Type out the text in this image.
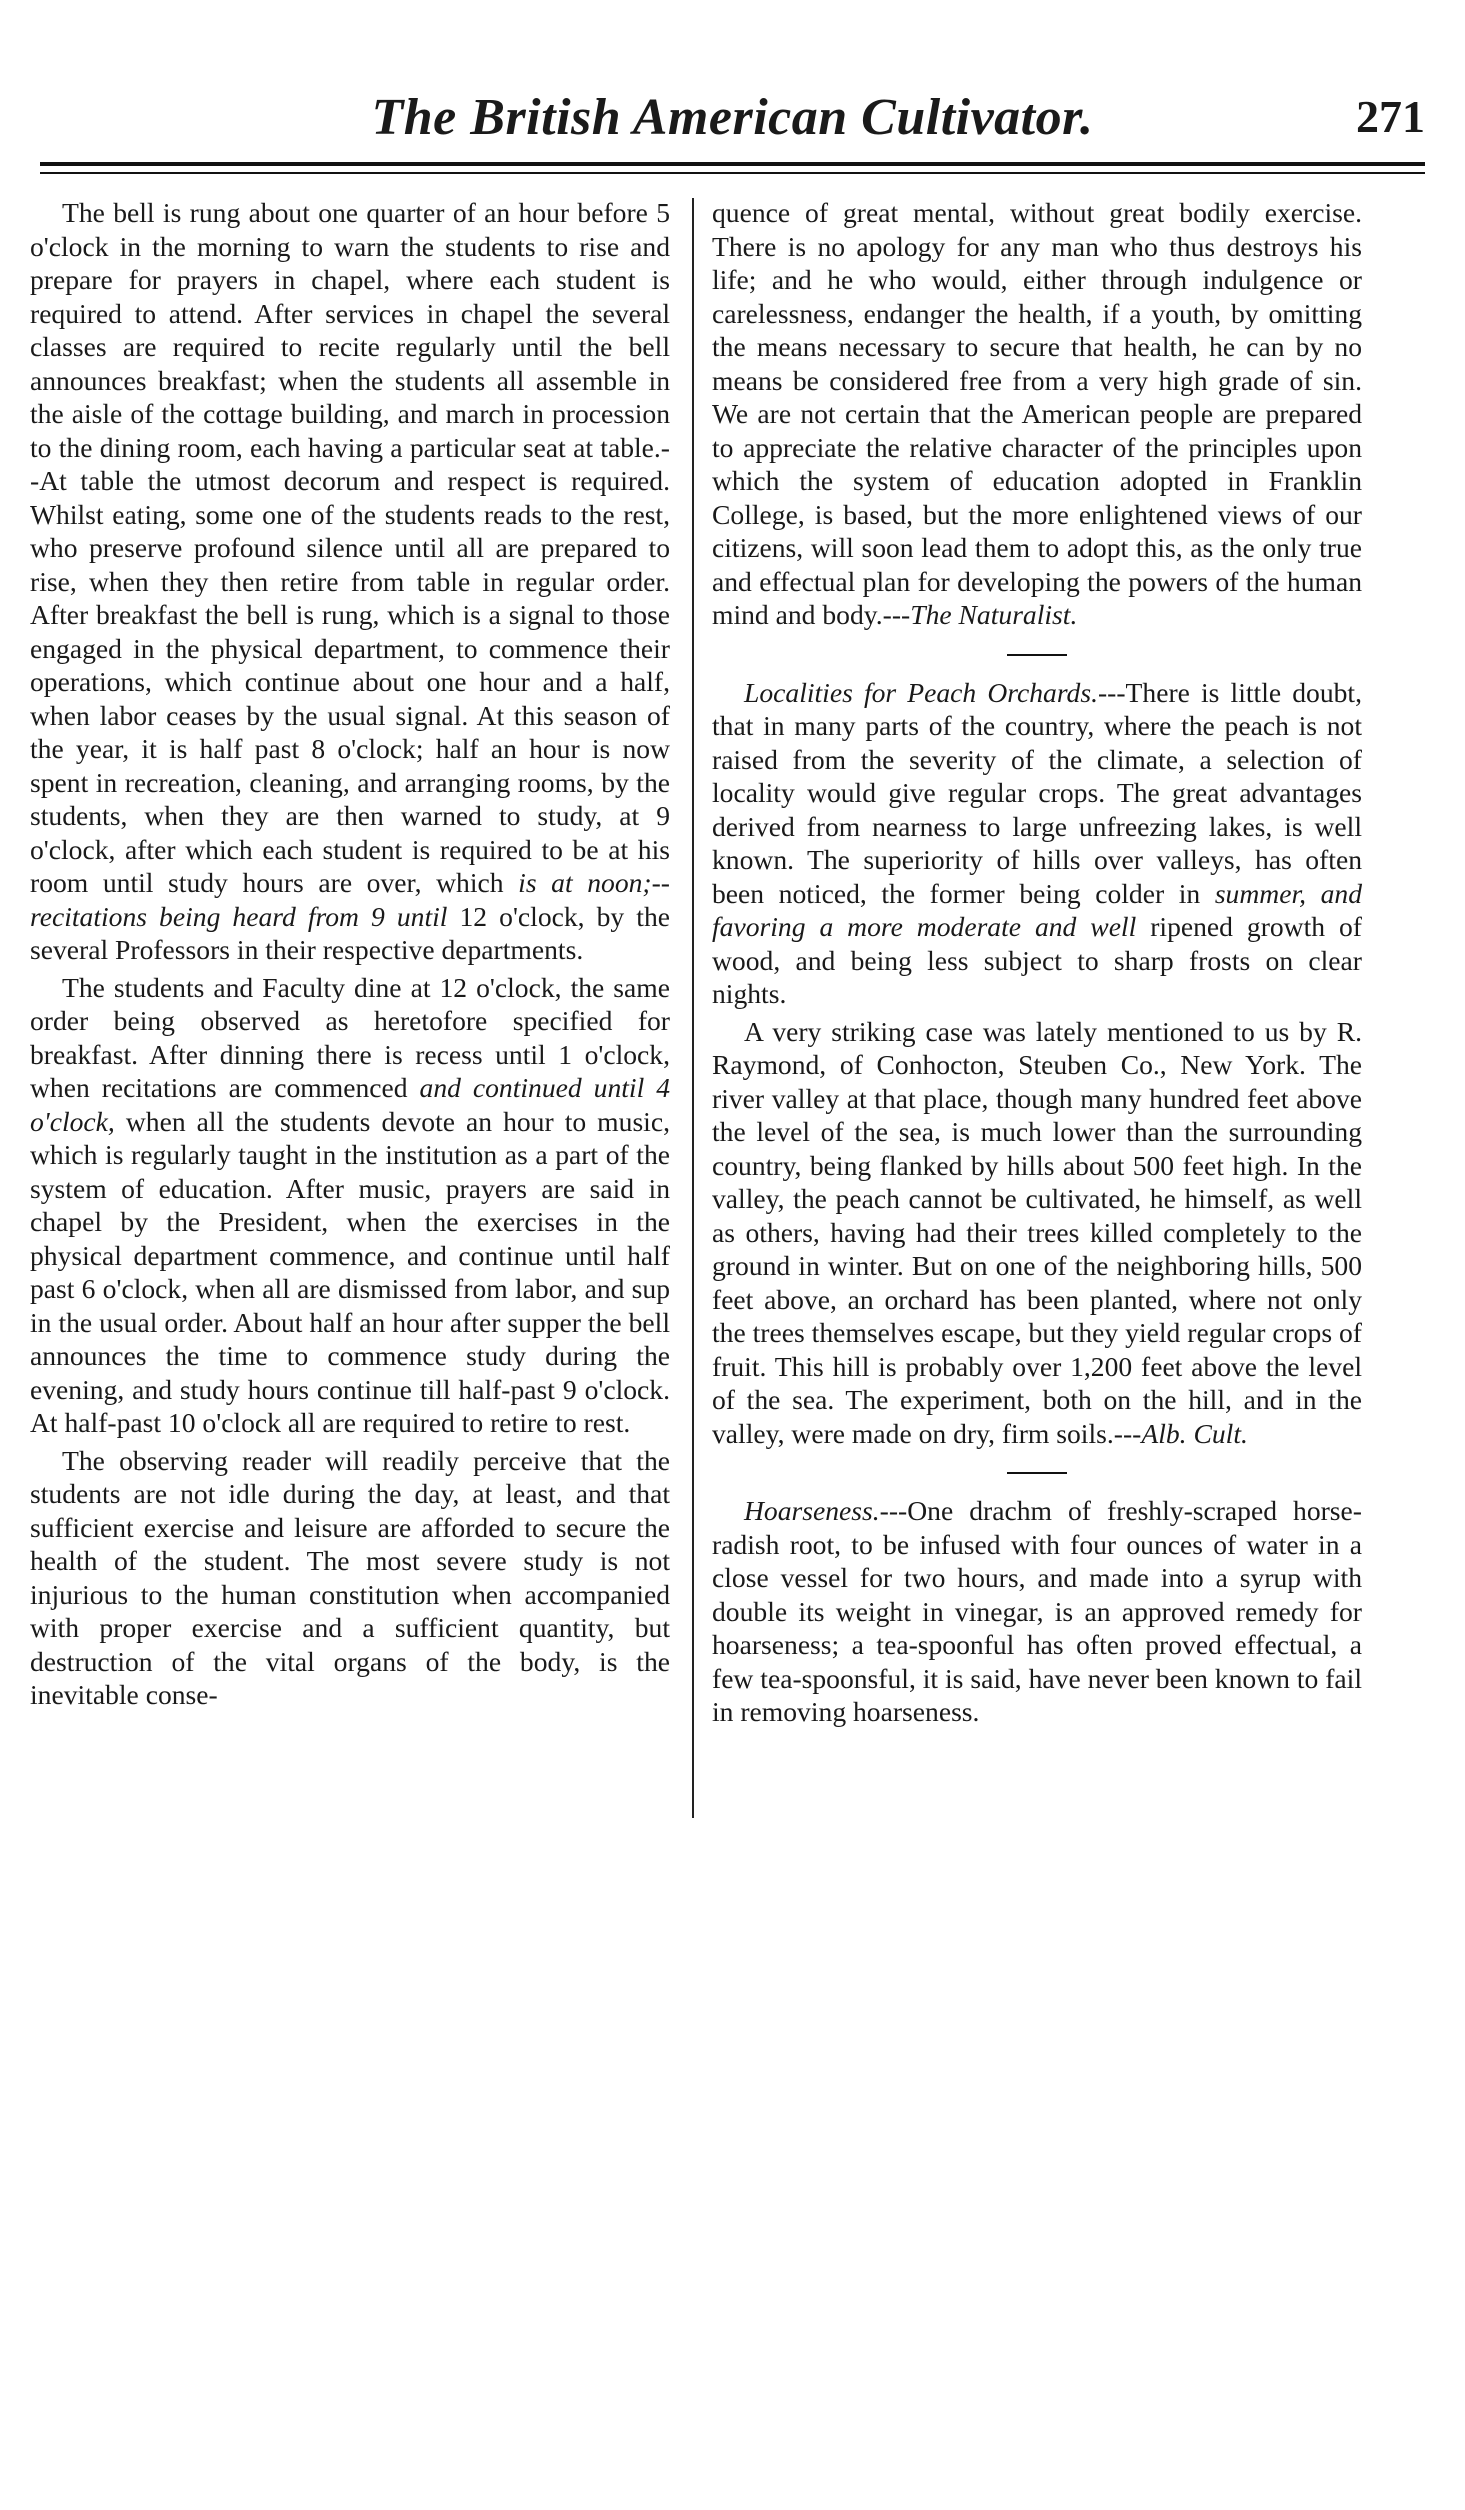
The British American Cultivator.	271

The bell is rung about one quarter of an hour before 5 o'clock in the morning to warn the students to rise and prepare for prayers in chapel, where each student is required to attend. After services in chapel the several classes are required to recite regularly until the bell announces breakfast; when the students all assemble in the aisle of the cottage building, and march in procession to the dining room, each having a particular seat at table.--At table the utmost decorum and respect is required. Whilst eating, some one of the students reads to the rest, who preserve profound silence until all are prepared to rise, when they then retire from table in regular order. After breakfast the bell is rung, which is a signal to those engaged in the physical department, to commence their operations, which continue about one hour and a half, when labor ceases by the usual signal. At this season of the year, it is half past 8 o'clock; half an hour is now spent in recreation, cleaning, and arranging rooms, by the students, when they are then warned to study, at 9 o'clock, after which each student is required to be at his room until study hours are over, which is at noon;--recitations being heard from 9 until 12 o'clock, by the several Professors in their respective departments.

The students and Faculty dine at 12 o'clock, the same order being observed as heretofore specified for breakfast. After dinning there is recess until 1 o'clock, when recitations are commenced and continued until 4 o'clock, when all the students devote an hour to music, which is regularly taught in the institution as a part of the system of education. After music, prayers are said in chapel by the President, when the exercises in the physical department commence, and continue until half past 6 o'clock, when all are dismissed from labor, and sup in the usual order. About half an hour after supper the bell announces the time to commence study during the evening, and study hours continue till half-past 9 o'clock. At half-past 10 o'clock all are required to retire to rest.

The observing reader will readily perceive that the students are not idle during the day, at least, and that sufficient exercise and leisure are afforded to secure the health of the student. The most severe study is not injurious to the human constitution when accompanied with proper exercise and a sufficient quantity, but destruction of the vital organs of the body, is the inevitable conse-

quence of great mental, without great bodily exercise. There is no apology for any man who thus destroys his life; and he who would, either through indulgence or carelessness, endanger the health, if a youth, by omitting the means necessary to secure that health, he can by no means be considered free from a very high grade of sin. We are not certain that the American people are prepared to appreciate the relative character of the principles upon which the system of education adopted in Franklin College, is based, but the more enlightened views of our citizens, will soon lead them to adopt this, as the only true and effectual plan for developing the powers of the human mind and body.---The Naturalist.

Localities for Peach Orchards.---There is little doubt, that in many parts of the country, where the peach is not raised from the severity of the climate, a selection of locality would give regular crops. The great advantages derived from nearness to large unfreezing lakes, is well known. The superiority of hills over valleys, has often been noticed, the former being colder in summer, and favoring a more moderate and well ripened growth of wood, and being less subject to sharp frosts on clear nights.

A very striking case was lately mentioned to us by R. Raymond, of Conhocton, Steuben Co., New York. The river valley at that place, though many hundred feet above the level of the sea, is much lower than the surrounding country, being flanked by hills about 500 feet high. In the valley, the peach cannot be cultivated, he himself, as well as others, having had their trees killed completely to the ground in winter. But on one of the neighboring hills, 500 feet above, an orchard has been planted, where not only the trees themselves escape, but they yield regular crops of fruit. This hill is probably over 1,200 feet above the level of the sea. The experiment, both on the hill, and in the valley, were made on dry, firm soils.---Alb. Cult.

Hoarseness.---One drachm of freshly-scraped horse-radish root, to be infused with four ounces of water in a close vessel for two hours, and made into a syrup with double its weight in vinegar, is an approved remedy for hoarseness; a tea-spoonful has often proved effectual, a few tea-spoonsful, it is said, have never been known to fail in removing hoarseness.
